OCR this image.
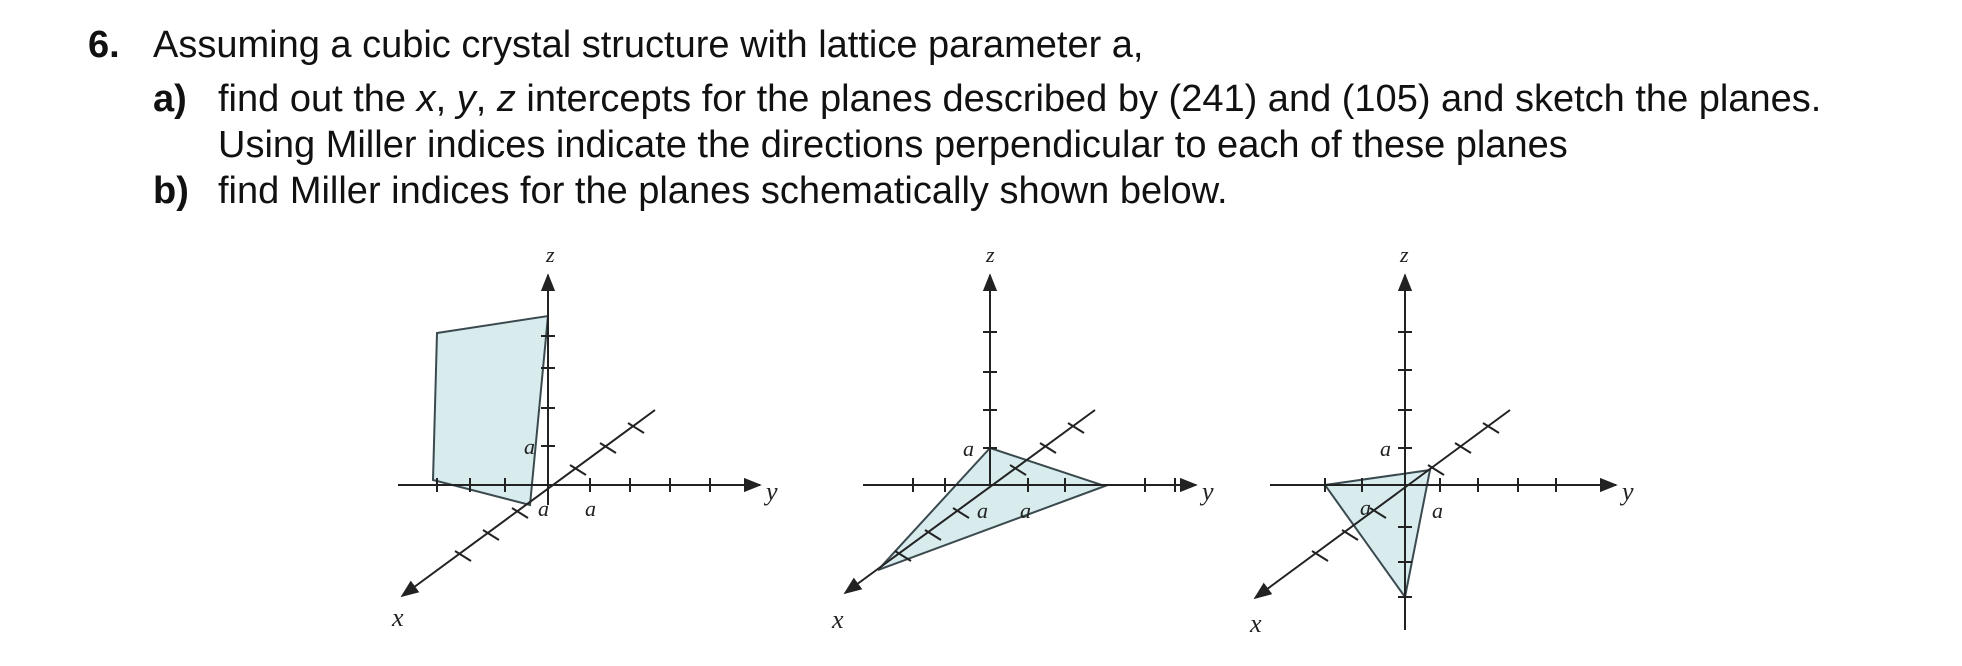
6. Assuming a cubic crystal structure with lattice parameter a,
a) find out the x, y, z intercepts for the planes described by (241) and (105) and sketch the planes.
Using Miller indices indicate the directions perpendicular to each of these planes
b) find Miller indices for the planes schematically shown below.
z
y
x
a
a a
z
y
x
a
a a
z
y
x
a
a	a
